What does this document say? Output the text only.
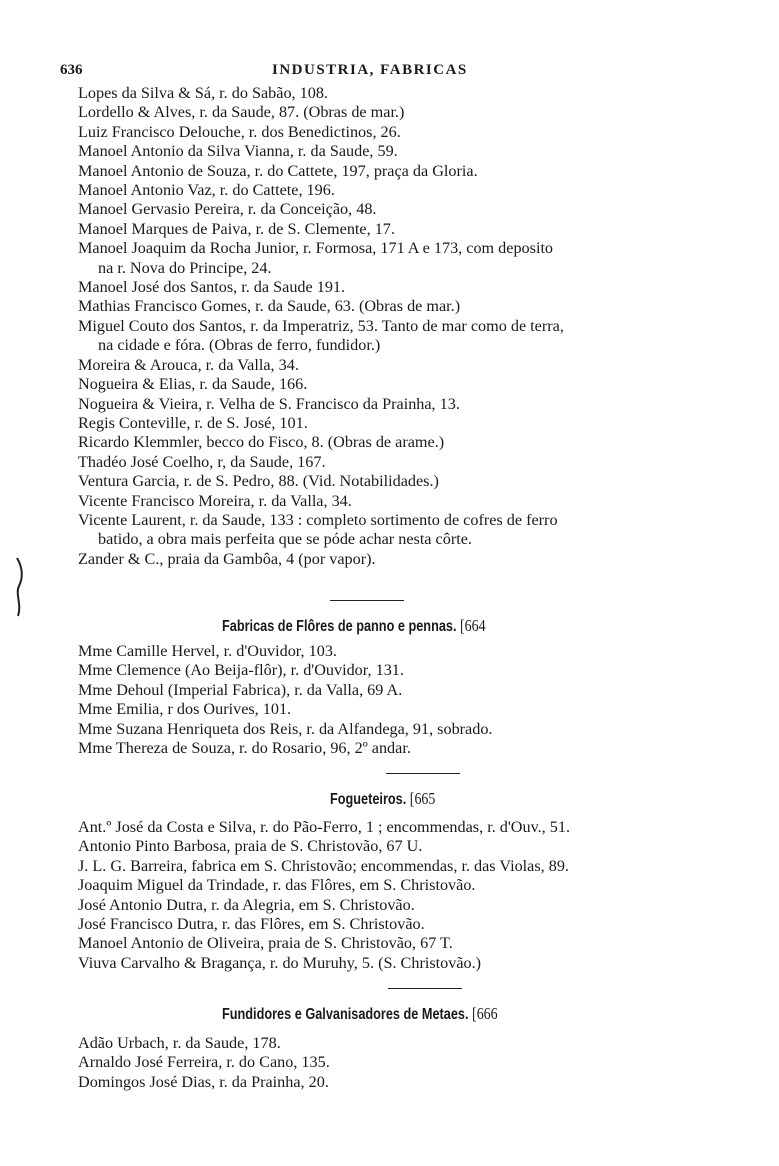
636	INDUSTRIA, FABRICAS
Lopes da Silva & Sá, r. do Sabão, 108.
Lordello & Alves, r. da Saude, 87. (Obras de mar.)
Luiz Francisco Delouche, r. dos Benedictinos, 26.
Manoel Antonio da Silva Vianna, r. da Saude, 59.
Manoel Antonio de Souza, r. do Cattete, 197, praça da Gloria.
Manoel Antonio Vaz, r. do Cattete, 196.
Manoel Gervasio Pereira, r. da Conceição, 48.
Manoel Marques de Paiva, r. de S. Clemente, 17.
Manoel Joaquim da Rocha Junior, r. Formosa, 171 A e 173, com deposito
na r. Nova do Principe, 24.
Manoel José dos Santos, r. da Saude 191.
Mathias Francisco Gomes, r. da Saude, 63. (Obras de mar.)
Miguel Couto dos Santos, r. da Imperatriz, 53. Tanto de mar como de terra,
na cidade e fóra. (Obras de ferro, fundidor.)
Moreira & Arouca, r. da Valla, 34.
Nogueira & Elias, r. da Saude, 166.
Nogueira & Vieira, r. Velha de S. Francisco da Prainha, 13.
Regis Conteville, r. de S. José, 101.
Ricardo Klemmler, becco do Fisco, 8. (Obras de arame.)
Thadéo José Coelho, r, da Saude, 167.
Ventura Garcia, r. de S. Pedro, 88. (Vid. Notabilidades.)
Vicente Francisco Moreira, r. da Valla, 34.
Vicente Laurent, r. da Saude, 133 : completo sortimento de cofres de ferro
batido, a obra mais perfeita que se póde achar nesta côrte.
Zander & C., praia da Gambôa, 4 (por vapor).
Fabricas de Flôres de panno e pennas. [664
Mme Camille Hervel, r. d'Ouvidor, 103.
Mme Clemence (Ao Beija-flôr), r. d'Ouvidor, 131.
Mme Dehoul (Imperial Fabrica), r. da Valla, 69 A.
Mme Emilia, r dos Ourives, 101.
Mme Suzana Henriqueta dos Reis, r. da Alfandega, 91, sobrado.
Mme Thereza de Souza, r. do Rosario, 96, 2º andar.
Fogueteiros. [665
Ant.º José da Costa e Silva, r. do Pão-Ferro, 1 ; encommendas, r. d'Ouv., 51.
Antonio Pinto Barbosa, praia de S. Christovão, 67 U.
J. L. G. Barreira, fabrica em S. Christovão; encommendas, r. das Violas, 89.
Joaquim Miguel da Trindade, r. das Flôres, em S. Christovão.
José Antonio Dutra, r. da Alegria, em S. Christovão.
José Francisco Dutra, r. das Flôres, em S. Christovão.
Manoel Antonio de Oliveira, praia de S. Christovão, 67 T.
Viuva Carvalho & Bragança, r. do Muruhy, 5. (S. Christovão.)
Fundidores e Galvanisadores de Metaes. [666
Adão Urbach, r. da Saude, 178.
Arnaldo José Ferreira, r. do Cano, 135.
Domingos José Dias, r. da Prainha, 20.
